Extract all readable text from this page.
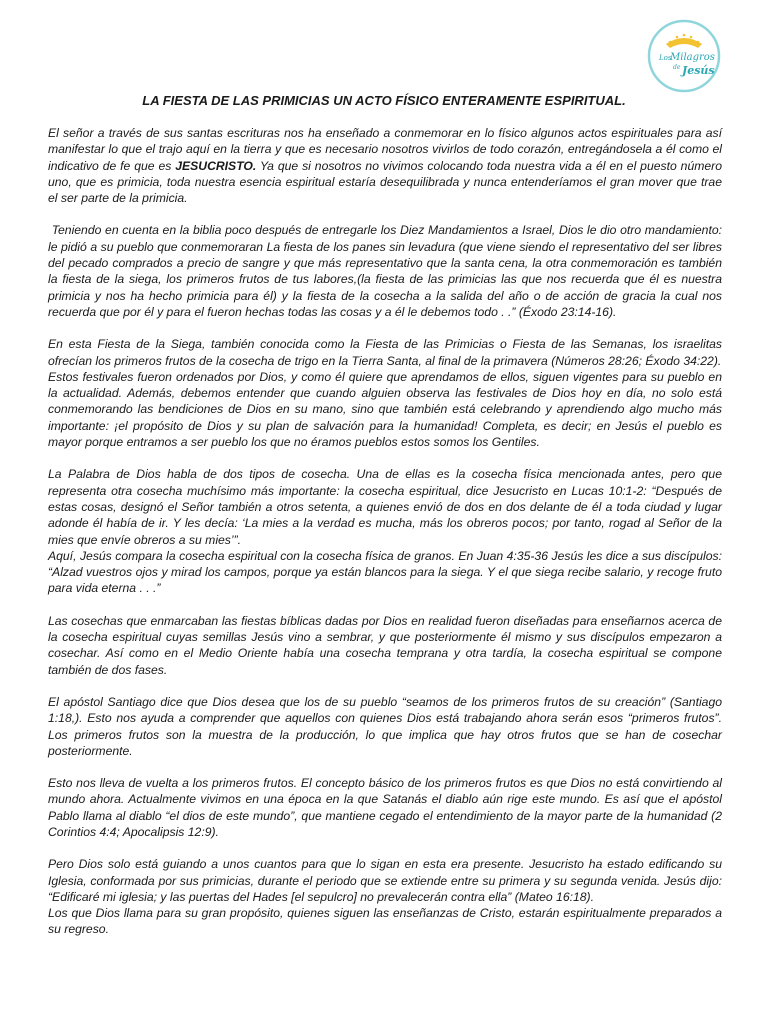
Los
Milagros
de Jesús
LA FIESTA DE LAS PRIMICIAS UN ACTO FÍSICO ENTERAMENTE ESPIRITUAL.

El señor a través de sus santas escrituras nos ha enseñado a conmemorar en lo físico algunos actos espirituales para así manifestar lo que el trajo aquí en la tierra y que es necesario nosotros vivirlos de todo corazón, entregándosela a él como el indicativo de fe que es JESUCRISTO. Ya que si nosotros no vivimos colocando toda nuestra vida a él en el puesto número uno, que es primicia, toda nuestra esencia espiritual estaría desequilibrada y nunca entenderíamos el gran mover que trae el ser parte de la primicia.

Teniendo en cuenta en la biblia poco después de entregarle los Diez Mandamientos a Israel, Dios le dio otro mandamiento: le pidió a su pueblo que conmemoraran La fiesta de los panes sin levadura (que viene siendo el representativo del ser libres del pecado comprados a precio de sangre y que más representativo que la santa cena, la otra conmemoración es también la fiesta de la siega, los primeros frutos de tus labores,(la fiesta de las primicias las que nos recuerda que él es nuestra primicia y nos ha hecho primicia para él) y la fiesta de la cosecha a la salida del año o de acción de gracia la cual nos recuerda que por él y para el fueron hechas todas las cosas y a él le debemos todo . .” (Éxodo 23:14-16).

En esta Fiesta de la Siega, también conocida como la Fiesta de las Primicias o Fiesta de las Semanas, los israelitas ofrecían los primeros frutos de la cosecha de trigo en la Tierra Santa, al final de la primavera (Números 28:26; Éxodo 34:22).

Estos festivales fueron ordenados por Dios, y como él quiere que aprendamos de ellos, siguen vigentes para su pueblo en la actualidad. Además, debemos entender que cuando alguien observa las festivales de Dios hoy en día, no solo está conmemorando las bendiciones de Dios en su mano, sino que también está celebrando y aprendiendo algo mucho más importante: ¡el propósito de Dios y su plan de salvación para la humanidad! Completa, es decir; en Jesús el pueblo es mayor porque entramos a ser pueblo los que no éramos pueblos estos somos los Gentiles.

La Palabra de Dios habla de dos tipos de cosecha. Una de ellas es la cosecha física mencionada antes, pero que representa otra cosecha muchísimo más importante: la cosecha espiritual, dice Jesucristo en Lucas 10:1-2: “Después de estas cosas, designó el Señor también a otros setenta, a quienes envió de dos en dos delante de él a toda ciudad y lugar adonde él había de ir. Y les decía: ‘La mies a la verdad es mucha, más los obreros pocos; por tanto, rogad al Señor de la mies que envíe obreros a su mies’”.

Aquí, Jesús compara la cosecha espiritual con la cosecha física de granos. En Juan 4:35-36 Jesús les dice a sus discípulos: “Alzad vuestros ojos y mirad los campos, porque ya están blancos para la siega. Y el que siega recibe salario, y recoge fruto para vida eterna . . .”

Las cosechas que enmarcaban las fiestas bíblicas dadas por Dios en realidad fueron diseñadas para enseñarnos acerca de la cosecha espiritual cuyas semillas Jesús vino a sembrar, y que posteriormente él mismo y sus discípulos empezaron a cosechar. Así como en el Medio Oriente había una cosecha temprana y otra tardía, la cosecha espiritual se compone también de dos fases.

El apóstol Santiago dice que Dios desea que los de su pueblo “seamos de los primeros frutos de su creación” (Santiago 1:18,). Esto nos ayuda a comprender que aquellos con quienes Dios está trabajando ahora serán esos “primeros frutos”. Los primeros frutos son la muestra de la producción, lo que implica que hay otros frutos que se han de cosechar posteriormente.

Esto nos lleva de vuelta a los primeros frutos. El concepto básico de los primeros frutos es que Dios no está convirtiendo al mundo ahora. Actualmente vivimos en una época en la que Satanás el diablo aún rige este mundo. Es así que el apóstol Pablo llama al diablo “el dios de este mundo”, que mantiene cegado el entendimiento de la mayor parte de la humanidad (2 Corintios 4:4; Apocalipsis 12:9).

Pero Dios solo está guiando a unos cuantos para que lo sigan en esta era presente. Jesucristo ha estado edificando su Iglesia, conformada por sus primicias, durante el periodo que se extiende entre su primera y su segunda venida. Jesús dijo: “Edificaré mi iglesia; y las puertas del Hades [el sepulcro] no prevalecerán contra ella” (Mateo 16:18).

Los que Dios llama para su gran propósito, quienes siguen las enseñanzas de Cristo, estarán espiritualmente preparados a su regreso.
